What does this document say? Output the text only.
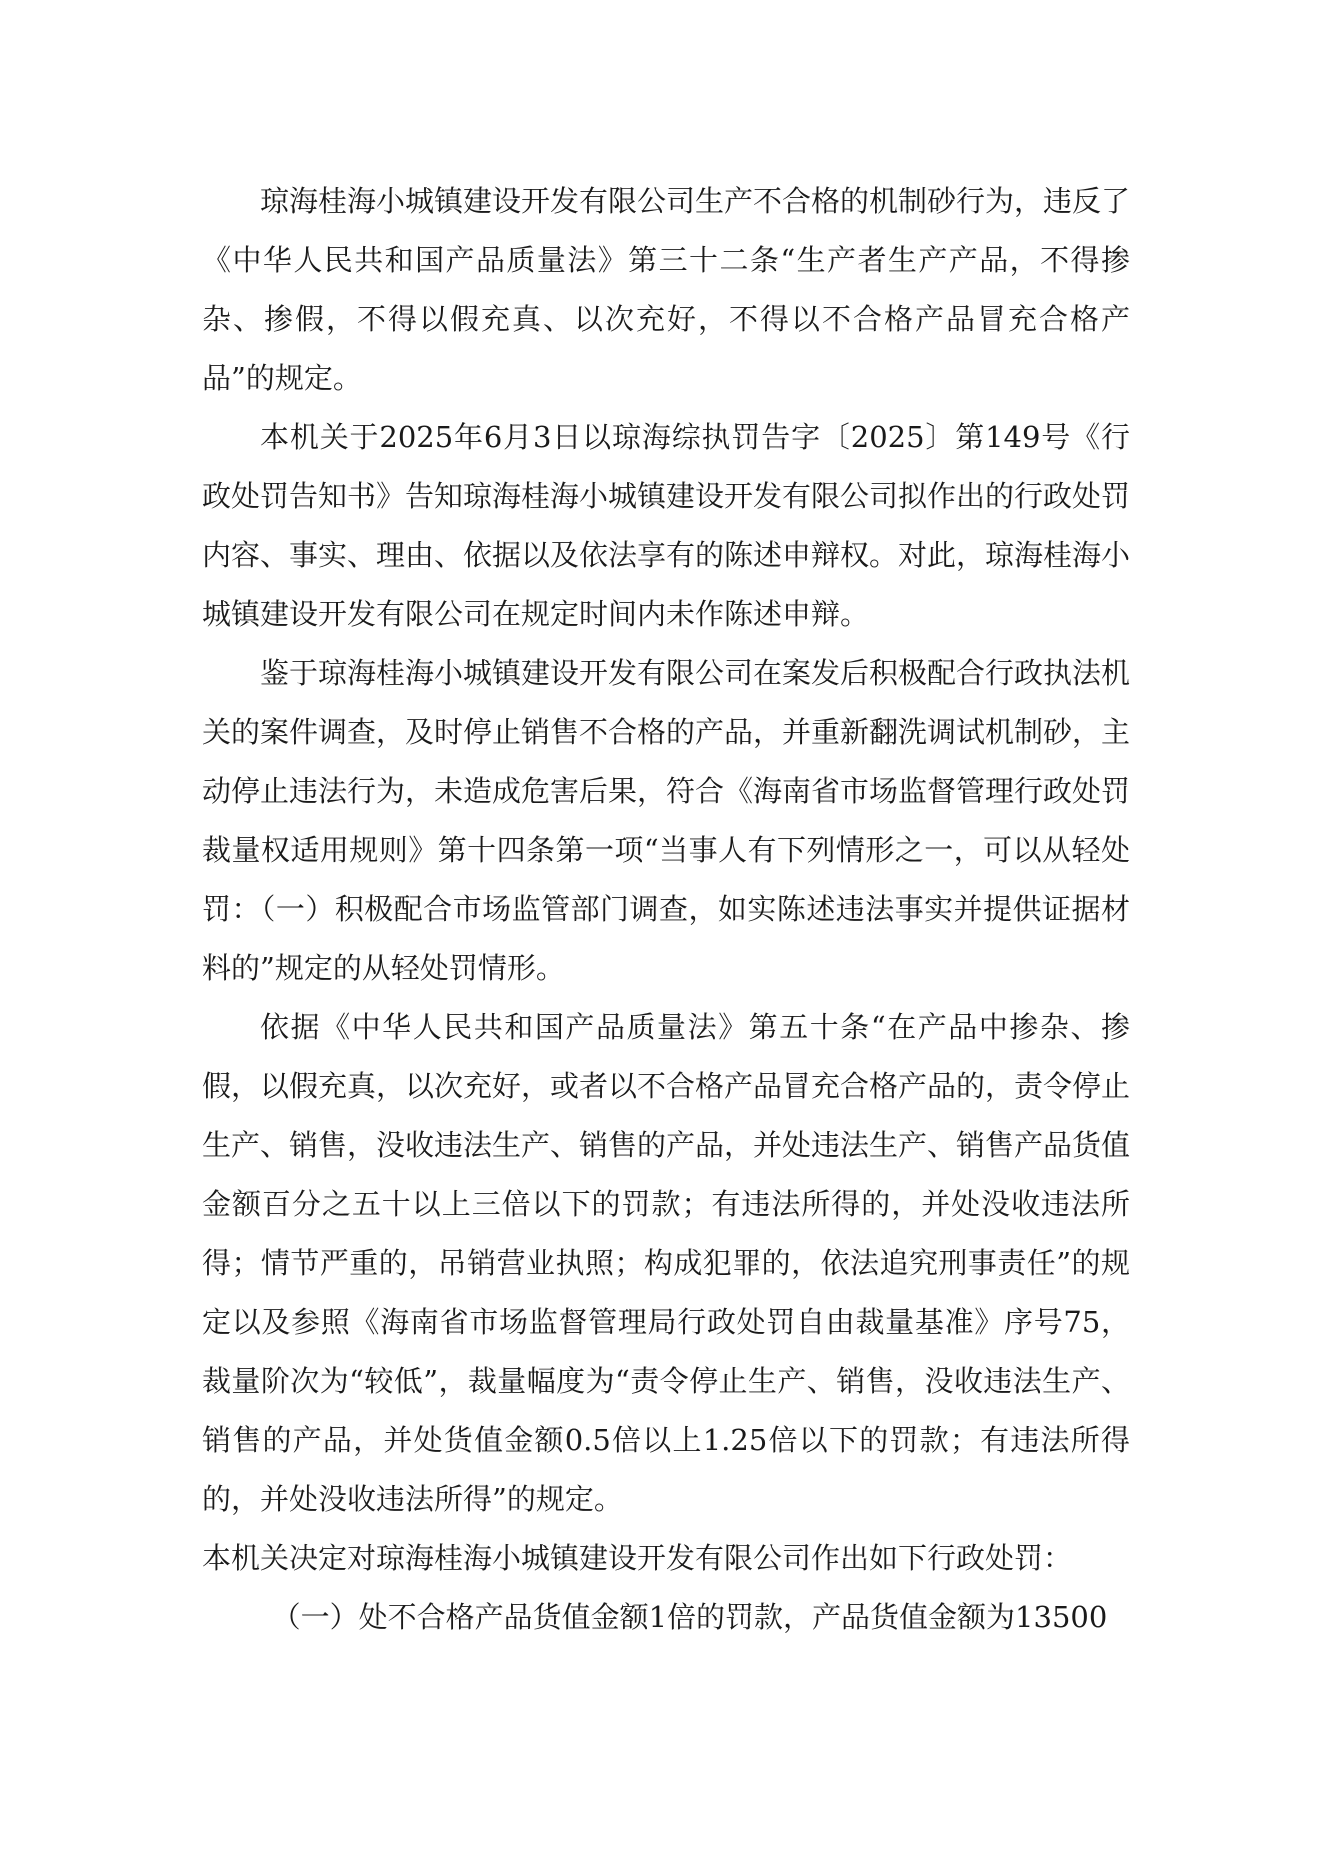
琼海桂海小城镇建设开发有限公司生产不合格的机制砂行为，违反了《中华人民共和国产品质量法》第三十二条“生产者生产产品，不得掺杂、掺假，不得以假充真、以次充好，不得以不合格产品冒充合格产品”的规定。

本机关于2025年6月3日以琼海综执罚告字〔2025〕第149号《行政处罚告知书》告知琼海桂海小城镇建设开发有限公司拟作出的行政处罚内容、事实、理由、依据以及依法享有的陈述申辩权。对此，琼海桂海小城镇建设开发有限公司在规定时间内未作陈述申辩。

鉴于琼海桂海小城镇建设开发有限公司在案发后积极配合行政执法机关的案件调查，及时停止销售不合格的产品，并重新翻洗调试机制砂，主动停止违法行为，未造成危害后果，符合《海南省市场监督管理行政处罚裁量权适用规则》第十四条第一项“当事人有下列情形之一，可以从轻处罚：（一）积极配合市场监管部门调查，如实陈述违法事实并提供证据材料的”规定的从轻处罚情形。

依据《中华人民共和国产品质量法》第五十条“在产品中掺杂、掺假，以假充真，以次充好，或者以不合格产品冒充合格产品的，责令停止生产、销售，没收违法生产、销售的产品，并处违法生产、销售产品货值金额百分之五十以上三倍以下的罚款；有违法所得的，并处没收违法所得；情节严重的，吊销营业执照；构成犯罪的，依法追究刑事责任”的规定以及参照《海南省市场监督管理局行政处罚自由裁量基准》序号75，裁量阶次为“较低”，裁量幅度为“责令停止生产、销售，没收违法生产、销售的产品，并处货值金额0.5倍以上1.25倍以下的罚款；有违法所得的，并处没收违法所得”的规定。

本机关决定对琼海桂海小城镇建设开发有限公司作出如下行政处罚：

（一）处不合格产品货值金额1倍的罚款，产品货值金额为13500
